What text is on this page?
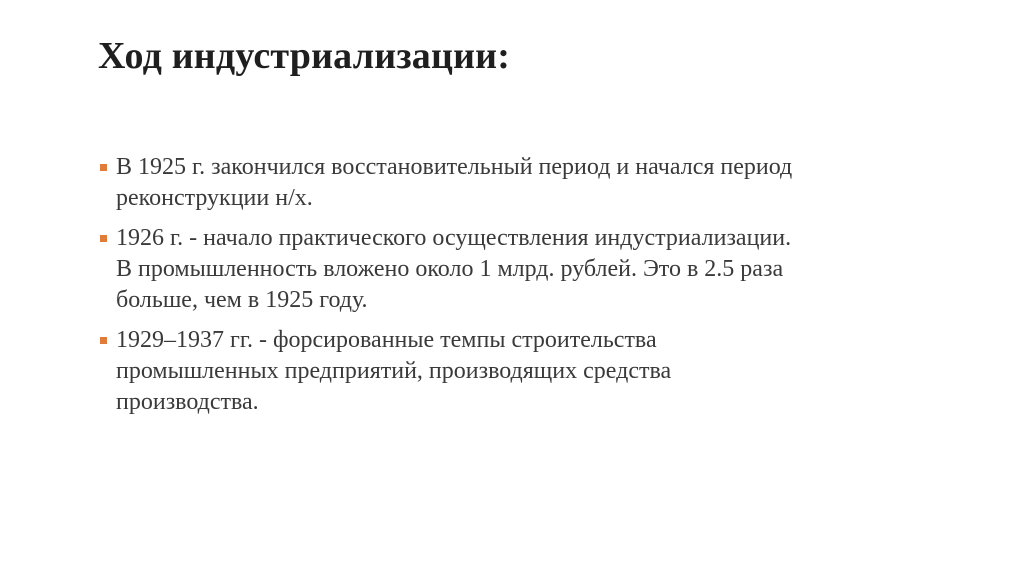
Ход индустриализации:
В 1925 г. закончился восстановительный период и начался период
реконструкции н/х.
1926 г. - начало практического осуществления индустриализации.
В промышленность вложено около 1 млрд. рублей. Это в 2.5 раза
больше, чем в 1925 году.
1929–1937 гг. - форсированные темпы строительства
промышленных предприятий, производящих средства
производства.
